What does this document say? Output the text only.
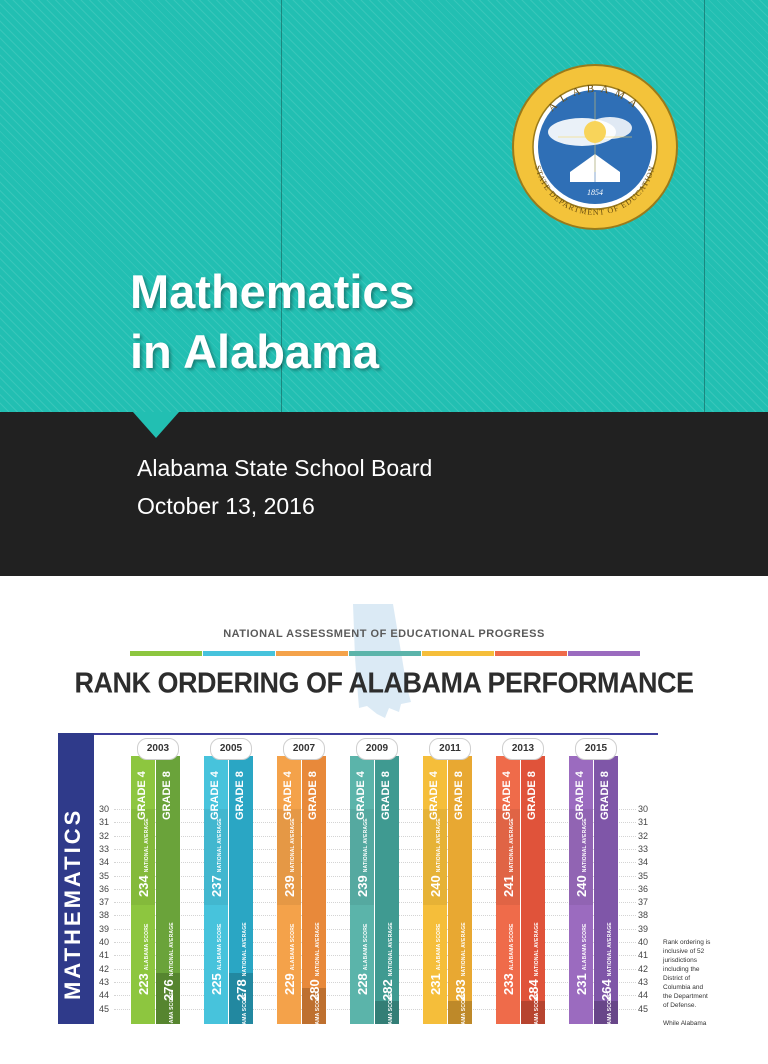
Mathematics
in Alabama
1854
ALABAMA
STATE DEPARTMENT OF EDUCATION
Alabama State School Board
October 13, 2016
NATIONAL ASSESSMENT OF EDUCATIONAL PROGRESS
RANK ORDERING OF ALABAMA PERFORMANCE
MATHEMATICS 30
31
32
33
34
35
36
37
38
39
40
41
42
43
44
45
30
31
32
33
34
35
36
37
38
39
40
41
42
43
44
45
2003
GRADE 4 GRADE 8
234NATIONAL AVERAGE
223ALABAMA SCORE
276NATIONAL AVERAGE
262AL ABAMA SCORE
2005
GRADE 4 GRADE 8
237NATIONAL AVERAGE
225ALABAMA SCORE
278NATIONAL AVERAGE
262ALABAMA SCORE
2007
GRADE 4 GRADE 8
239NATIONAL AVERAGE
229ALABAMA SCORE
280NATIONAL AVERAGE
266ALABAMA SCORE
2009
GRADE 4 GRADE 8
239NATIONAL AVERAGE
228ALABAMA SCORE
282NATIONAL AVERAGE
269ALABAMA SCORE
2011
GRADE 4 GRADE 8
240NATIONAL AVERAGE
231ALABAMA SCORE
283NATIONAL AVERAGE
269ALABAMA SCORE
2013
GRADE 4 GRADE 8
241NATIONAL AVERAGE
233ALABAMA SCORE
284NATIONAL AVERAGE
269ALABAMA SCORE
2015
GRADE 4 GRADE 8
240NATIONAL AVERAGE
231ALABAMA SCORE
264NATIONAL AVERAGE
259ALABAMA SCORE
Rank ordering is
inclusive of 52
jurisdictions
including the
District of
Columbia and
the Department
of Defense.
While Alabama
